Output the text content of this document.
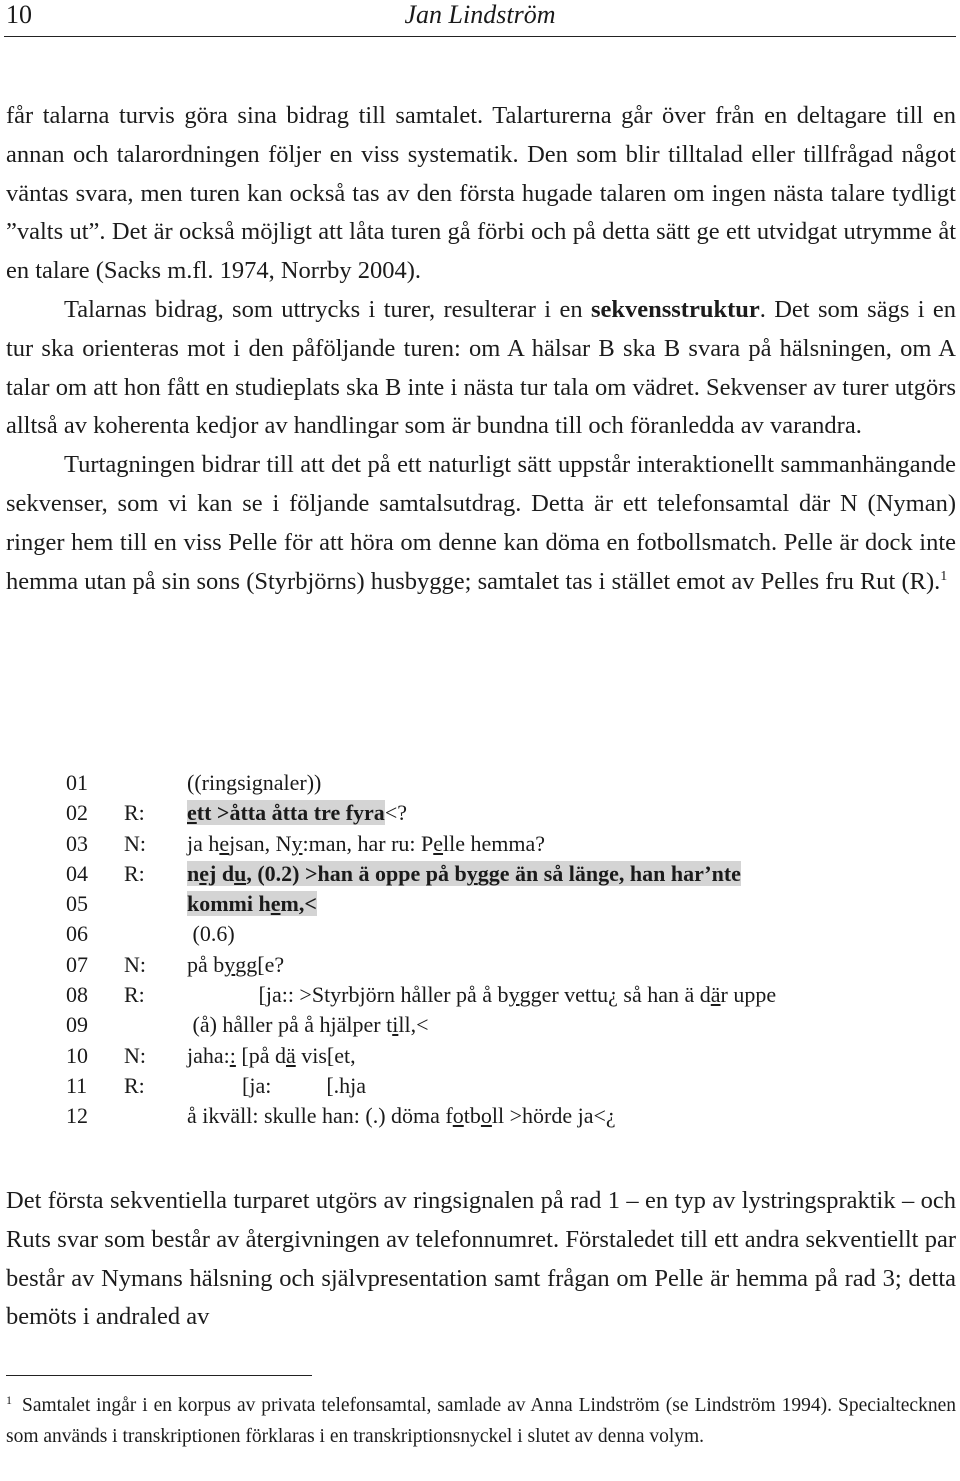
10	Jan Lindström

får talarna turvis göra sina bidrag till samtalet. Talarturerna går över från en deltagare till en annan och talarordningen följer en viss systematik. Den som blir tilltalad eller tillfrågad något väntas svara, men turen kan också tas av den första hugade talaren om ingen nästa talare tydligt ”valts ut”. Det är också möjligt att låta turen gå förbi och på detta sätt ge ett utvidgat utrymme åt en talare (Sacks m.fl. 1974, Norrby 2004).

Talarnas bidrag, som uttrycks i turer, resulterar i en sekvensstruktur. Det som sägs i en tur ska orienteras mot i den påföljande turen: om A hälsar B ska B svara på hälsningen, om A talar om att hon fått en studieplats ska B inte i nästa tur tala om vädret. Sekvenser av turer utgörs alltså av koherenta kedjor av handlingar som är bundna till och föranledda av varandra.

Turtagningen bidrar till att det på ett naturligt sätt uppstår interaktionellt sammanhängande sekvenser, som vi kan se i följande samtalsutdrag. Detta är ett telefonsamtal där N (Nyman) ringer hem till en viss Pelle för att höra om denne kan döma en fotbollsmatch. Pelle är dock inte hemma utan på sin sons (Styrbjörns) husbygge; samtalet tas i stället emot av Pelles fru Rut (R).$^1$

01	((ringsignaler))
02 R: ett >åtta åtta tre fyra<?
03 N: ja hejsan, Ny:man, har ru: Pelle hemma?
04 R: nej du, (0.2) >han ä oppe på bygge än så länge, han har’nte
05	kommi hem,<
06	(0.6)
07 N: på bygg[e?
08 R: [ja:: >Styrbjörn håller på å bygger vettu¿ så han ä där uppe
09	(å) håller på å hjälper till,<
10 N: jaha:: [på dä vis[et,
11 R: [ja:          [.hja
12	å ikväll: skulle han: (.) döma fotboll >hörde ja<¿

Det första sekventiella turparet utgörs av ringsignalen på rad 1 – en typ av lystringspraktik – och Ruts svar som består av återgivningen av telefonnumret. Förstaledet till ett andra sekventiellt par består av Nymans hälsning och självpresentation samt frågan om Pelle är hemma på rad 3; detta bemöts i andraled av

$^1$ Samtalet ingår i en korpus av privata telefonsamtal, samlade av Anna Lindström (se Lindström 1994). Specialtecknen som används i transkriptionen förklaras i en transkriptionsnyckel i slutet av denna volym.
